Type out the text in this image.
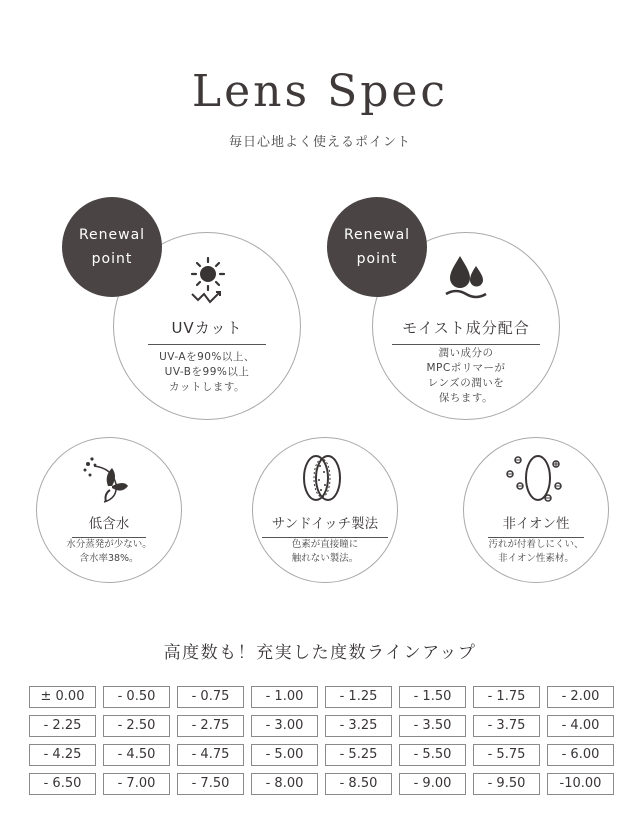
Lens Spec
毎日心地よく使えるポイント
Renewal
point
UVカット
UV-Aを90%以上、
UV-Bを99%以上
カットします。
Renewal
point
モイスト成分配合
潤い成分の
MPCポリマーが
レンズの潤いを
保ちます。
低含水
水分蒸発が少ない。
含水率38%。
サンドイッチ製法
色素が直接瞳に
触れない製法。
非イオン性
汚れが付着しにくい、
非イオン性素材。
高度数も！充実した度数ラインアップ
± 0.00	- 0.50	- 0.75	- 1.00	- 1.25	- 1.50	- 1.75	- 2.00
- 2.25	- 2.50	- 2.75	- 3.00	- 3.25	- 3.50	- 3.75	- 4.00
- 4.25	- 4.50	- 4.75	- 5.00	- 5.25	- 5.50	- 5.75	- 6.00
- 6.50	- 7.00	- 7.50	- 8.00	- 8.50	- 9.00	- 9.50	-10.00
